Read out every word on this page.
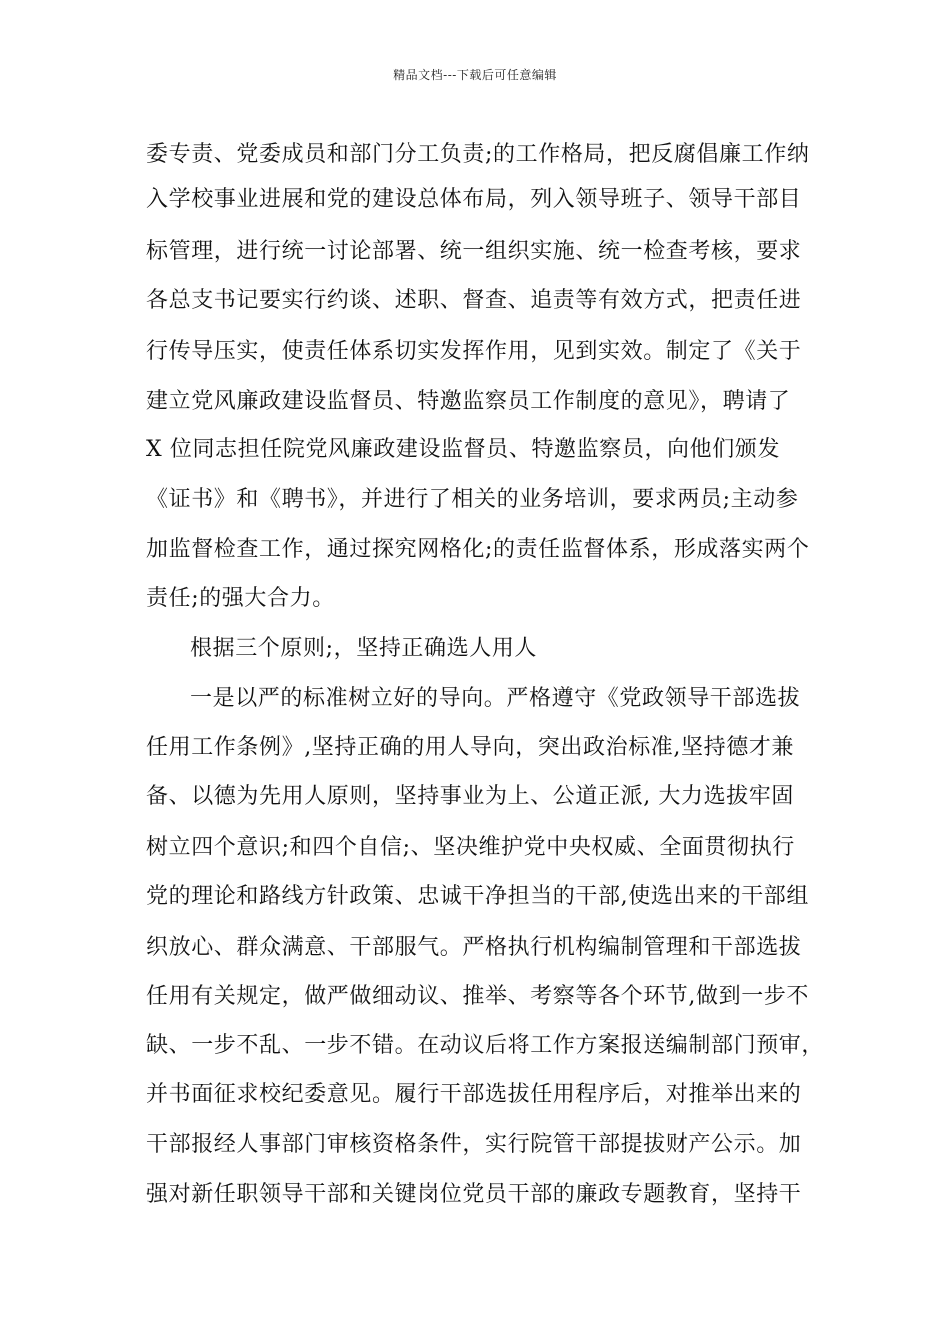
精品文档---下载后可任意编辑
委专责、党委成员和部门分工负责;的工作格局，把反腐倡廉工作纳
入学校事业进展和党的建设总体布局，列入领导班子、领导干部目
标管理，进行统一讨论部署、统一组织实施、统一检查考核，要求
各总支书记要实行约谈、述职、督查、追责等有效方式，把责任进
行传导压实，使责任体系切实发挥作用，见到实效。制定了《关于
建立党风廉政建设监督员、特邀监察员工作制度的意见》，聘请了
X 位同志担任院党风廉政建设监督员、特邀监察员，向他们颁发
《证书》和《聘书》，并进行了相关的业务培训，要求两员;主动参
加监督检查工作，通过探究网格化;的责任监督体系，形成落实两个
责任;的强大合力。
根据三个原则;，坚持正确选人用人
一是以严的标准树立好的导向。严格遵守《党政领导干部选拔
任用工作条例》,坚持正确的用人导向，突出政治标准,坚持德才兼
备、以德为先用人原则，坚持事业为上、公道正派, 大力选拔牢固
树立四个意识;和四个自信;、坚决维护党中央权威、全面贯彻执行
党的理论和路线方针政策、忠诚干净担当的干部,使选出来的干部组
织放心、群众满意、干部服气。严格执行机构编制管理和干部选拔
任用有关规定，做严做细动议、推举、考察等各个环节,做到一步不
缺、一步不乱、一步不错。在动议后将工作方案报送编制部门预审，
并书面征求校纪委意见。履行干部选拔任用程序后，对推举出来的
干部报经人事部门审核资格条件，实行院管干部提拔财产公示。加
强对新任职领导干部和关键岗位党员干部的廉政专题教育，坚持干
